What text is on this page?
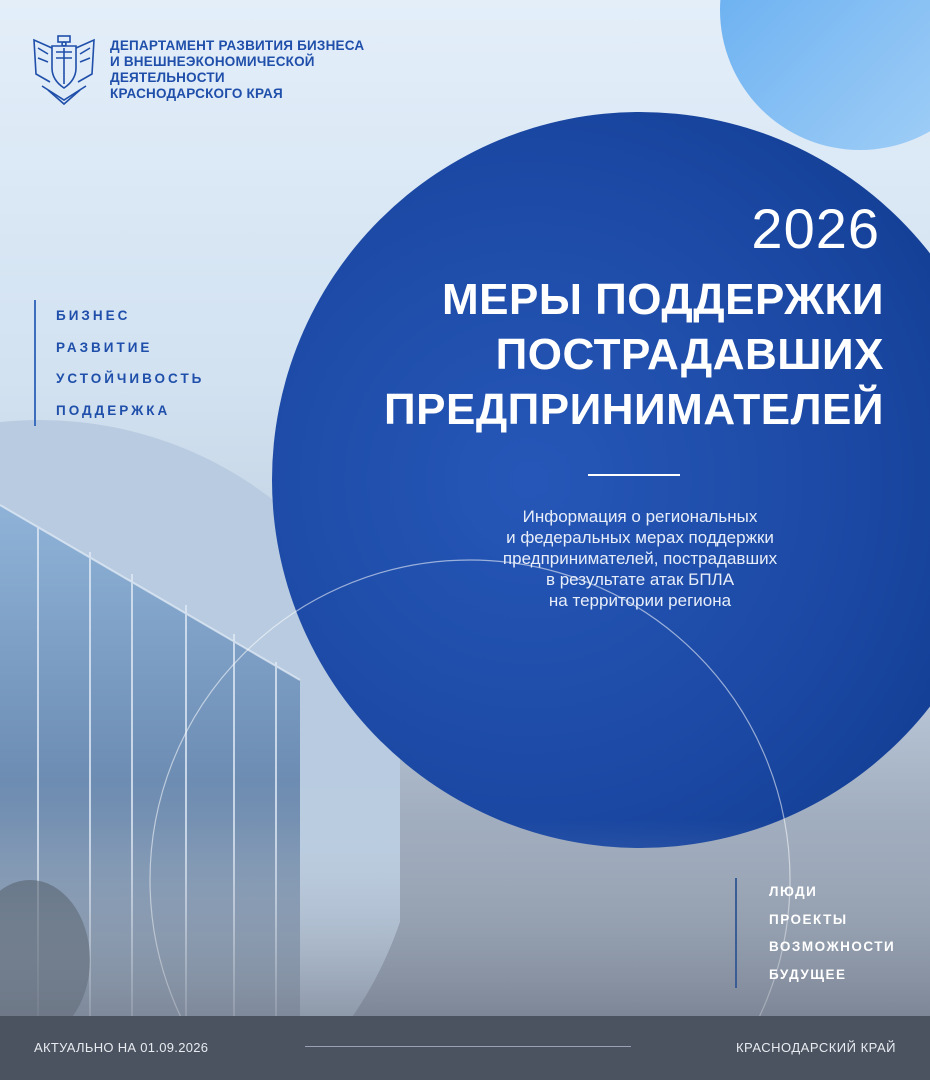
ДЕПАРТАМЕНТ РАЗВИТИЯ БИЗНЕСА
И ВНЕШНЕЭКОНОМИЧЕСКОЙ
ДЕЯТЕЛЬНОСТИ
КРАСНОДАРСКОГО КРАЯ
БИЗНЕС
РАЗВИТИЕ
УСТОЙЧИВОСТЬ
ПОДДЕРЖКА
2026
МЕРЫ ПОДДЕРЖКИ
ПОСТРАДАВШИХ
ПРЕДПРИНИМАТЕЛЕЙ
Информация о региональных
и федеральных мерах поддержки
предпринимателей, пострадавших
в результате атак БПЛА
на территории региона
ЛЮДИ
ПРОЕКТЫ
ВОЗМОЖНОСТИ
БУДУЩЕЕ
АКТУАЛЬНО НА 01.09.2026	КРАСНОДАРСКИЙ КРАЙ
